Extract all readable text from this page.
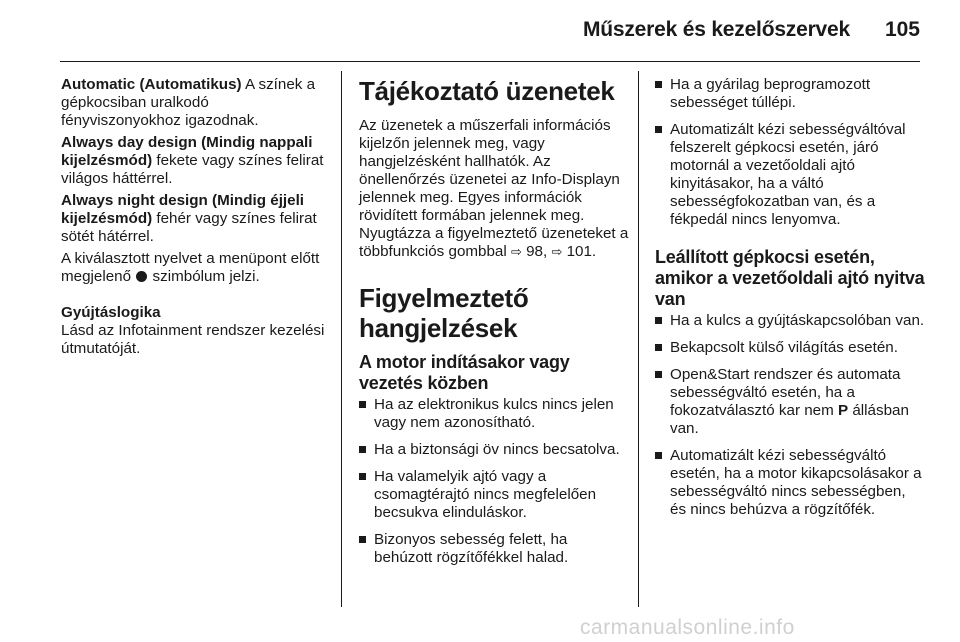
Műszerek és kezelőszervek	105

Automatic (Automatikus) A színek a gépkocsiban uralkodó fényviszonyokhoz igazodnak.

Always day design (Mindig nappali kijelzésmód) fekete vagy színes felirat világos háttérrel.

Always night design (Mindig éjjeli kijelzésmód) fehér vagy színes felirat sötét hátérrel.

A kiválasztott nyelvet a menüpont előtt megjelenő  szimbólum jelzi.

Gyújtáslogika

Lásd az Infotainment rendszer kezelési útmutatóját.

Tájékoztató üzenetek

Az üzenetek a műszerfali információs kijelzőn jelennek meg, vagy hangjelzésként hallhatók. Az önellenőrzés üzenetei az Info-Displayn jelennek meg. Egyes információk rövidített formában jelennek meg. Nyugtázza a figyelmeztető üzeneteket a többfunkciós gombbal ⇨ 98, ⇨ 101.

Figyelmeztető hangjelzések
A motor indításakor vagy vezetés közben
Ha az elektronikus kulcs nincs jelen vagy nem azonosítható.
Ha a biztonsági öv nincs becsatolva.
Ha valamelyik ajtó vagy a csomagtérajtó nincs megfelelően becsukva elinduláskor.
Bizonyos sebesség felett, ha behúzott rögzítőfékkel halad.
Ha a gyárilag beprogramozott sebességet túllépi.
Automatizált kézi sebességváltóval felszerelt gépkocsi esetén, járó motornál a vezetőoldali ajtó kinyitásakor, ha a váltó sebességfokozatban van, és a fékpedál nincs lenyomva.
Leállított gépkocsi esetén, amikor a vezetőoldali ajtó nyitva van
Ha a kulcs a gyújtáskapcsolóban van.
Bekapcsolt külső világítás esetén.
Open&Start rendszer és automata sebességváltó esetén, ha a fokozatválasztó kar nem P állásban van.
Automatizált kézi sebességváltó esetén, ha a motor kikapcsolásakor a sebességváltó nincs sebességben, és nincs behúzva a rögzítőfék.
carmanualsonline.info
